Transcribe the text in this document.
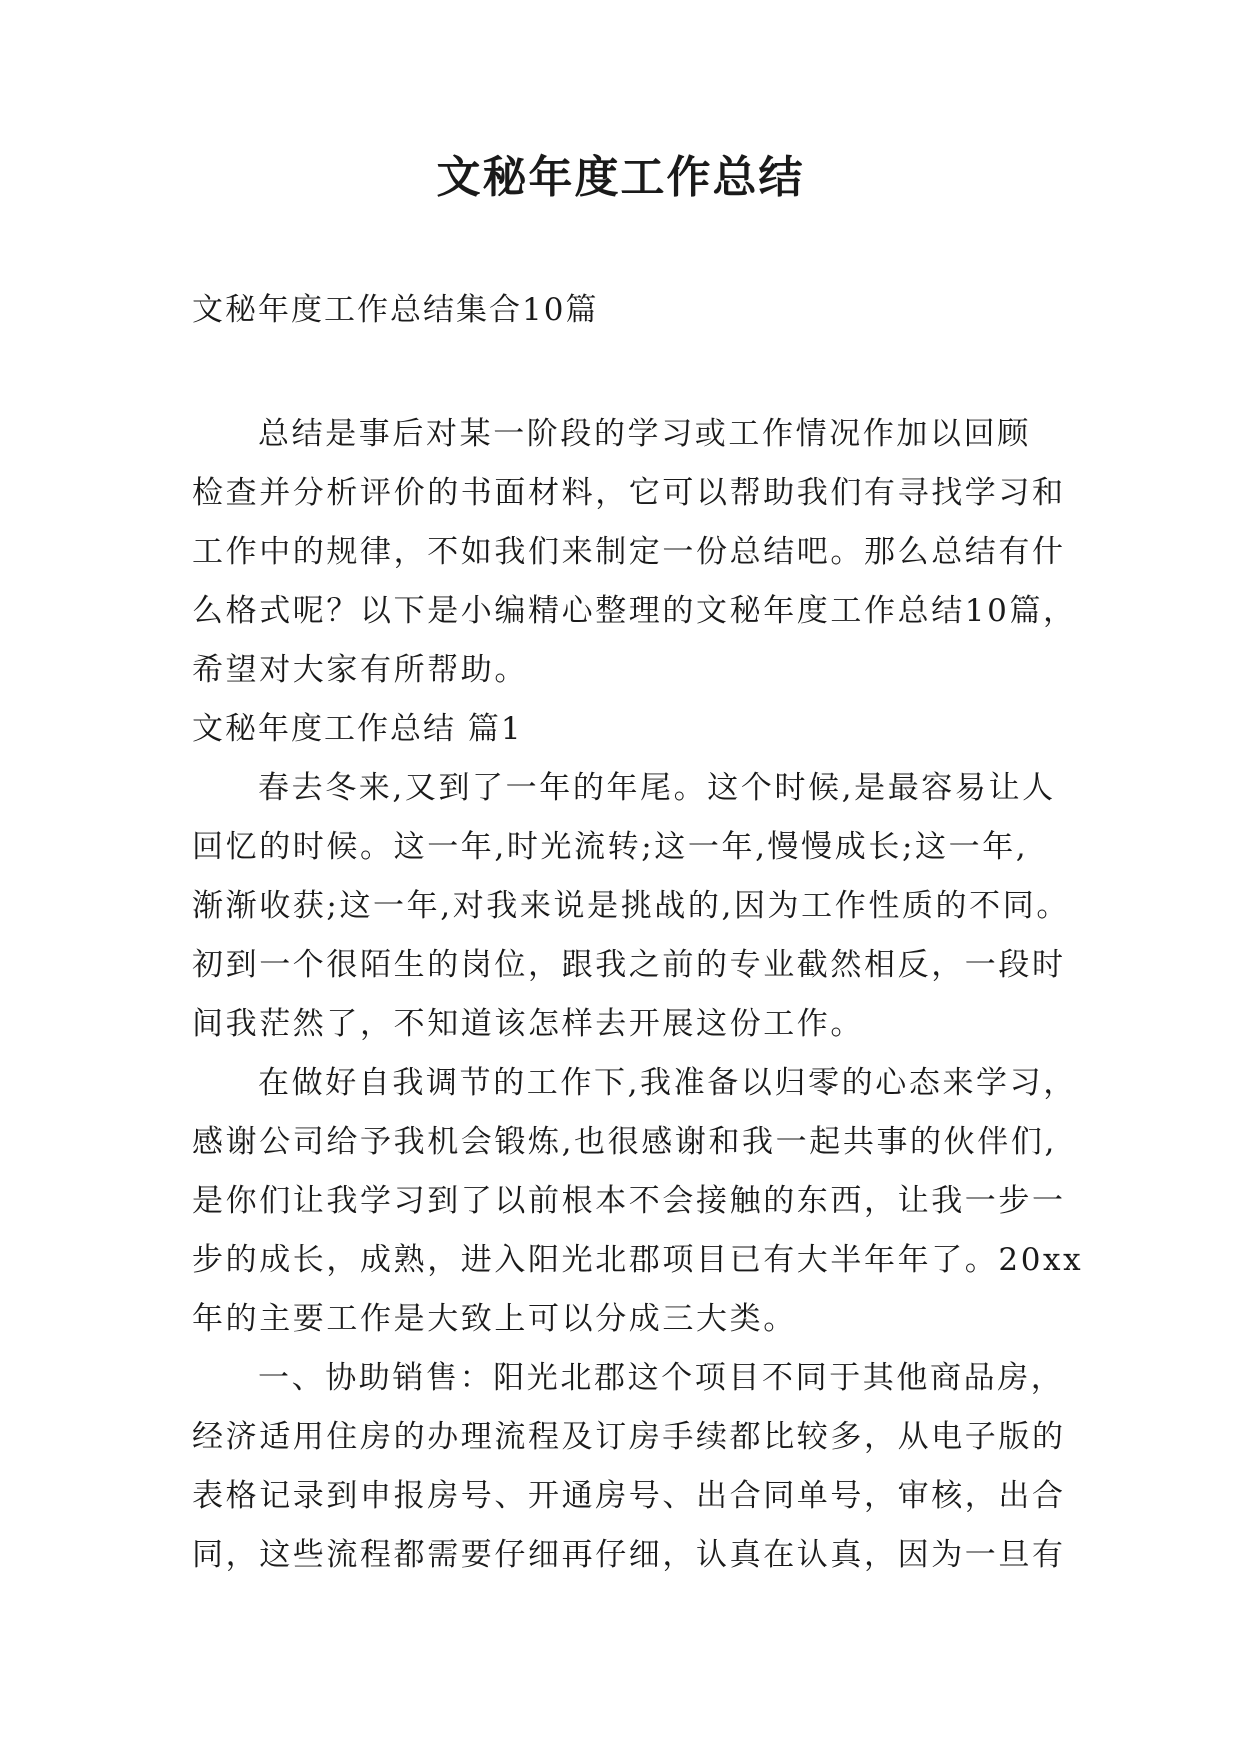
文秘年度工作总结
文秘年度工作总结集合10篇
总结是事后对某一阶段的学习或工作情况作加以回顾
检查并分析评价的书面材料，它可以帮助我们有寻找学习和
工作中的规律，不如我们来制定一份总结吧。那么总结有什
么格式呢？以下是小编精心整理的文秘年度工作总结10篇，
希望对大家有所帮助。
文秘年度工作总结 篇1
春去冬来,又到了一年的年尾。这个时候,是最容易让人
回忆的时候。这一年,时光流转;这一年,慢慢成长;这一年,
渐渐收获;这一年,对我来说是挑战的,因为工作性质的不同。
初到一个很陌生的岗位，跟我之前的专业截然相反，一段时
间我茫然了，不知道该怎样去开展这份工作。
在做好自我调节的工作下,我准备以归零的心态来学习，
感谢公司给予我机会锻炼,也很感谢和我一起共事的伙伴们,
是你们让我学习到了以前根本不会接触的东西，让我一步一
步的成长，成熟，进入阳光北郡项目已有大半年年了。20xx
年的主要工作是大致上可以分成三大类。
一、协助销售：阳光北郡这个项目不同于其他商品房，
经济适用住房的办理流程及订房手续都比较多，从电子版的
表格记录到申报房号、开通房号、出合同单号，审核，出合
同，这些流程都需要仔细再仔细，认真在认真，因为一旦有
